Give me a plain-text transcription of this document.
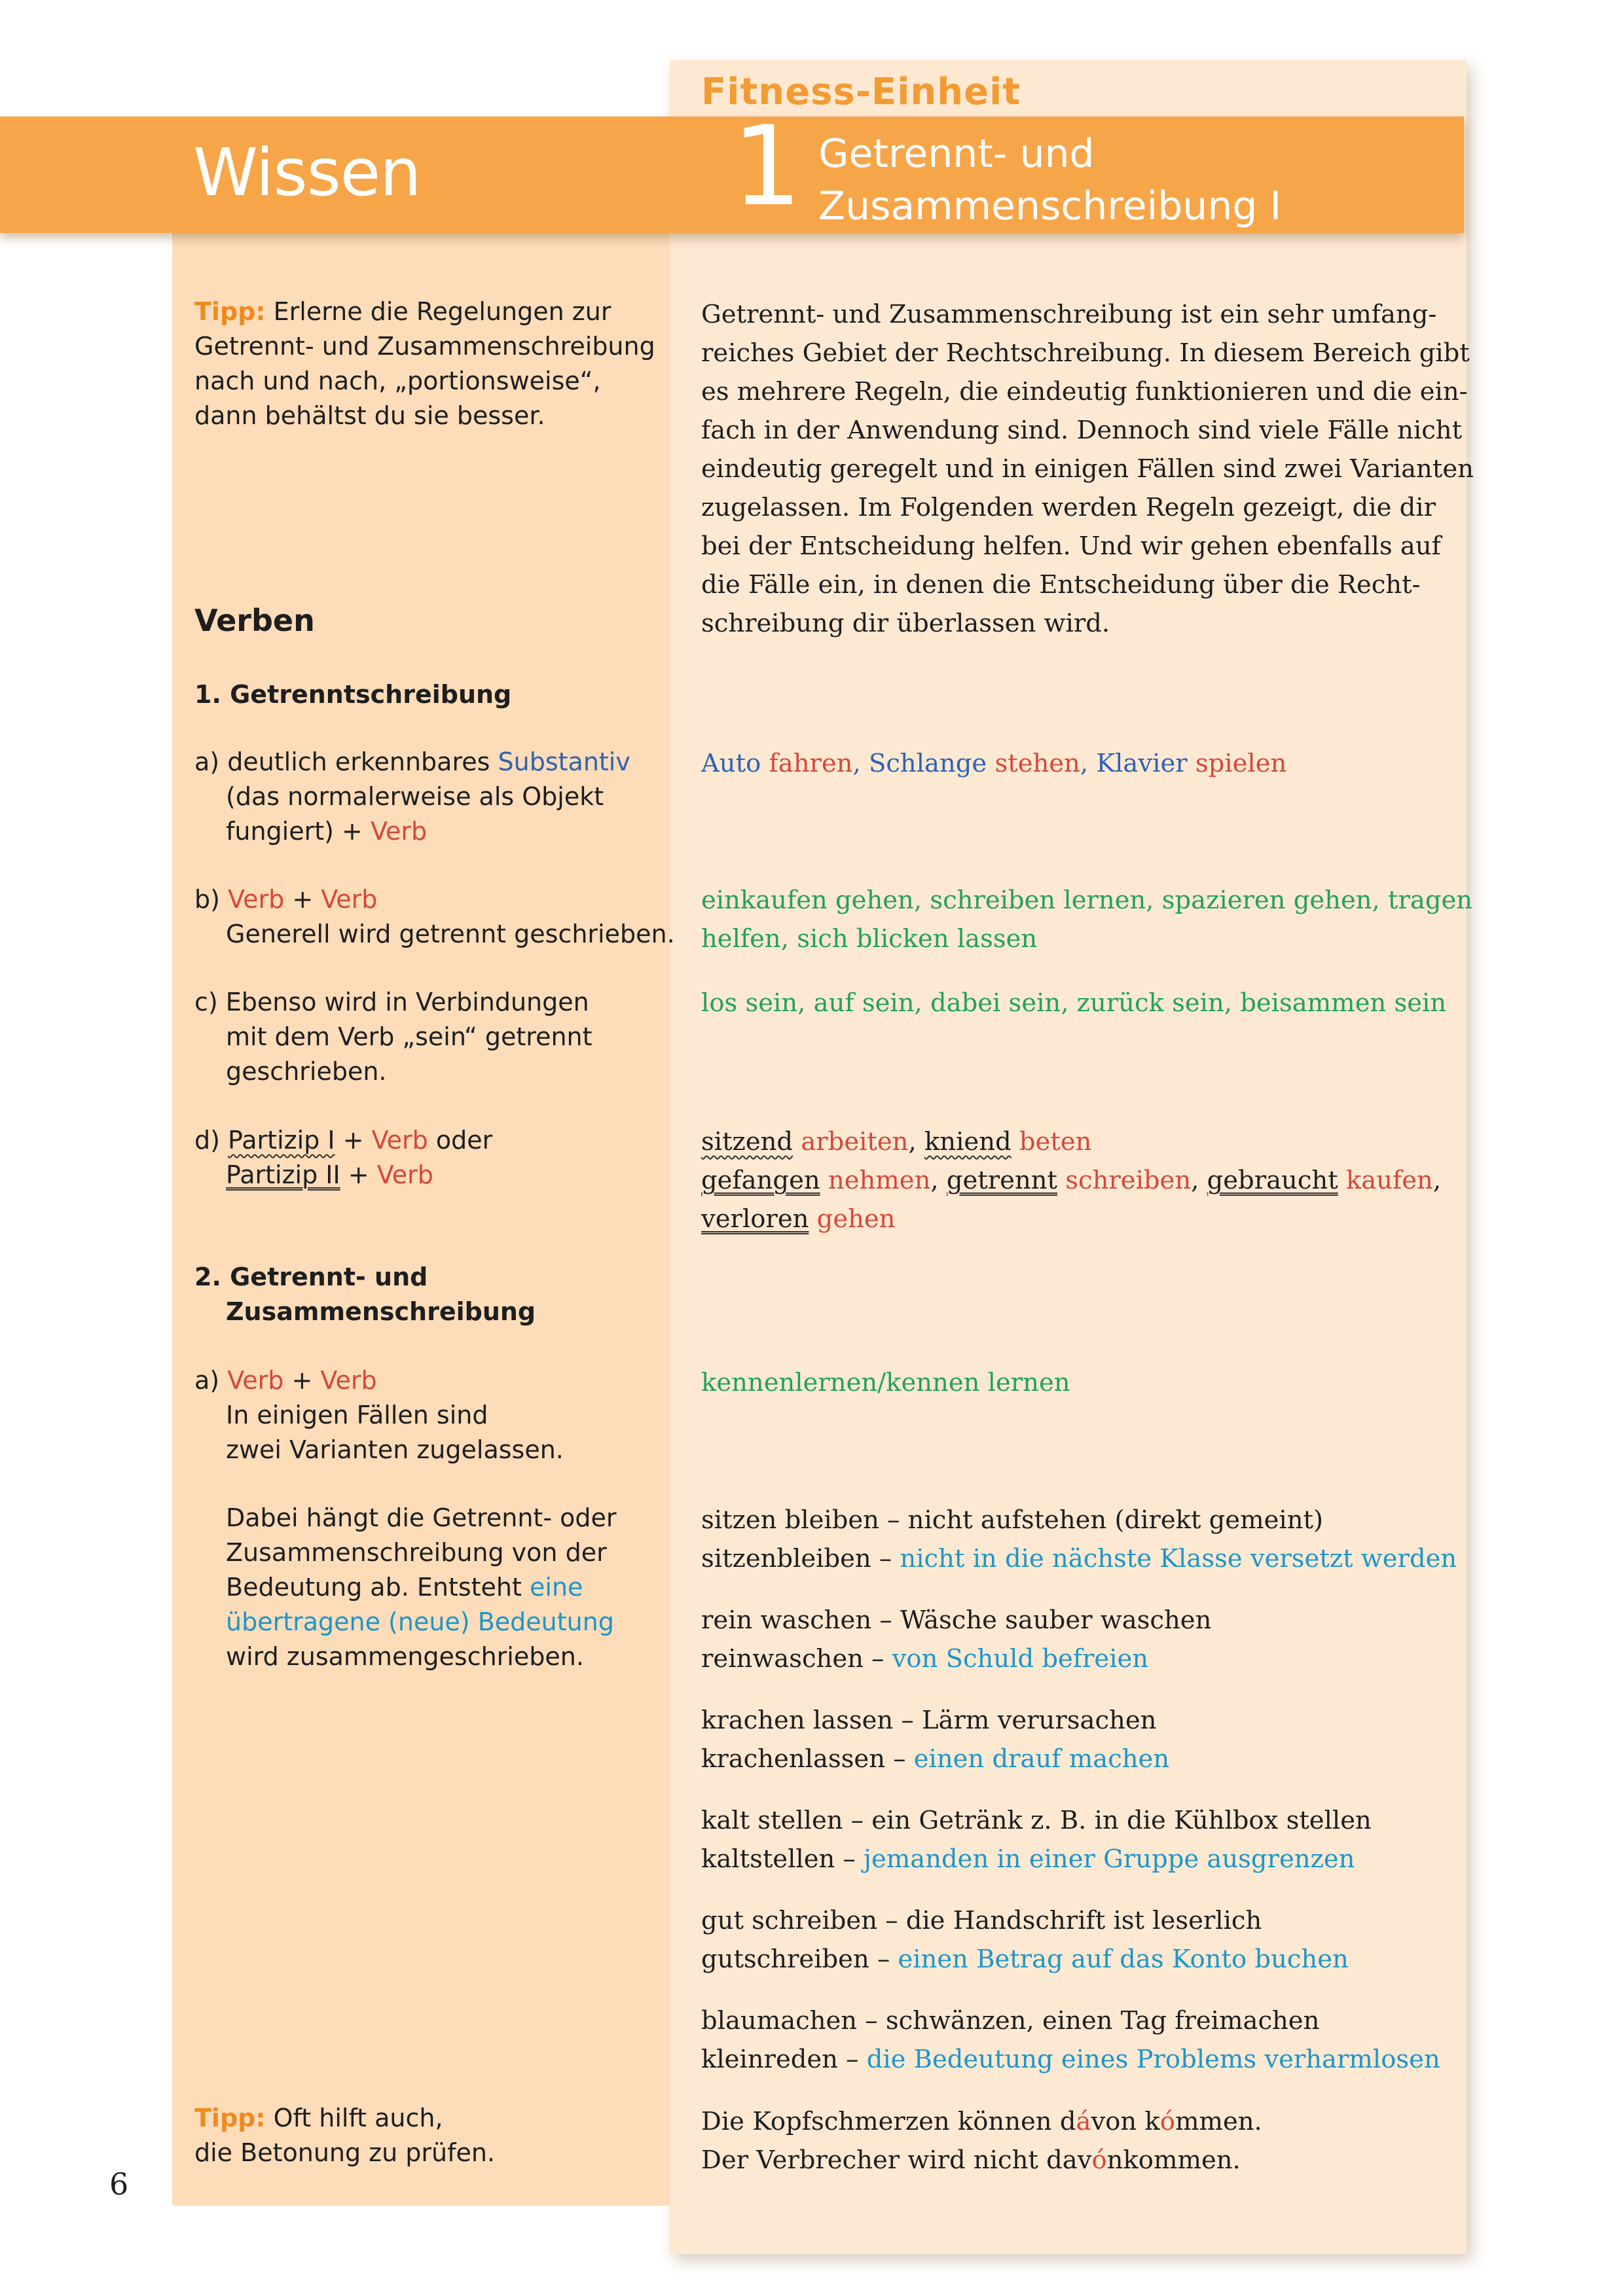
Fitness-Einheit
Wissen	1 Getrennt- und
Zusammenschreibung I
Tipp: Erlerne die Regelungen zur
Getrennt- und Zusammenschreibung
nach und nach, „portionsweise“,
dann behältst du sie besser.
Verben
1. Getrenntschreibung
a) deutlich erkennbares Substantiv
(das normalerweise als Objekt
fungiert) + Verb
b) Verb + Verb
Generell wird getrennt geschrieben.
c) Ebenso wird in Verbindungen
mit dem Verb „sein“ getrennt
geschrieben.
d) Partizip I + Verb oder
Partizip II + Verb
2. Getrennt- und
Zusammenschreibung
a) Verb + Verb
In einigen Fällen sind
zwei Varianten zugelassen.
Dabei hängt die Getrennt- oder
Zusammenschreibung von der
Bedeutung ab. Entsteht eine
übertragene (neue) Bedeutung
wird zusammengeschrieben.
Tipp: Oft hilft auch,
die Betonung zu prüfen.
6
Getrennt- und Zusammenschreibung ist ein sehr umfang-
reiches Gebiet der Rechtschreibung. In diesem Bereich gibt
es mehrere Regeln, die eindeutig funktionieren und die ein-
fach in der Anwendung sind. Dennoch sind viele Fälle nicht
eindeutig geregelt und in einigen Fällen sind zwei Varianten
zugelassen. Im Folgenden werden Regeln gezeigt, die dir
bei der Entscheidung helfen. Und wir gehen ebenfalls auf
die Fälle ein, in denen die Entscheidung über die Recht-
schreibung dir überlassen wird.
Auto fahren, Schlange stehen, Klavier spielen
einkaufen gehen, schreiben lernen, spazieren gehen, tragen
helfen, sich blicken lassen
los sein, auf sein, dabei sein, zurück sein, beisammen sein
sitzend arbeiten, kniend beten
gefangen nehmen, getrennt schreiben, gebraucht kaufen,
verloren gehen
kennenlernen/kennen lernen
sitzen bleiben – nicht aufstehen (direkt gemeint)
sitzenbleiben – nicht in die nächste Klasse versetzt werden
rein waschen – Wäsche sauber waschen
reinwaschen – von Schuld befreien
krachen lassen – Lärm verursachen
krachenlassen – einen drauf machen
kalt stellen – ein Getränk z. B. in die Kühlbox stellen
kaltstellen – jemanden in einer Gruppe ausgrenzen
gut schreiben – die Handschrift ist leserlich
gutschreiben – einen Betrag auf das Konto buchen
blaumachen – schwänzen, einen Tag freimachen
kleinreden – die Bedeutung eines Problems verharmlosen
Die Kopfschmerzen können dávon kómmen.
Der Verbrecher wird nicht davónkommen.
